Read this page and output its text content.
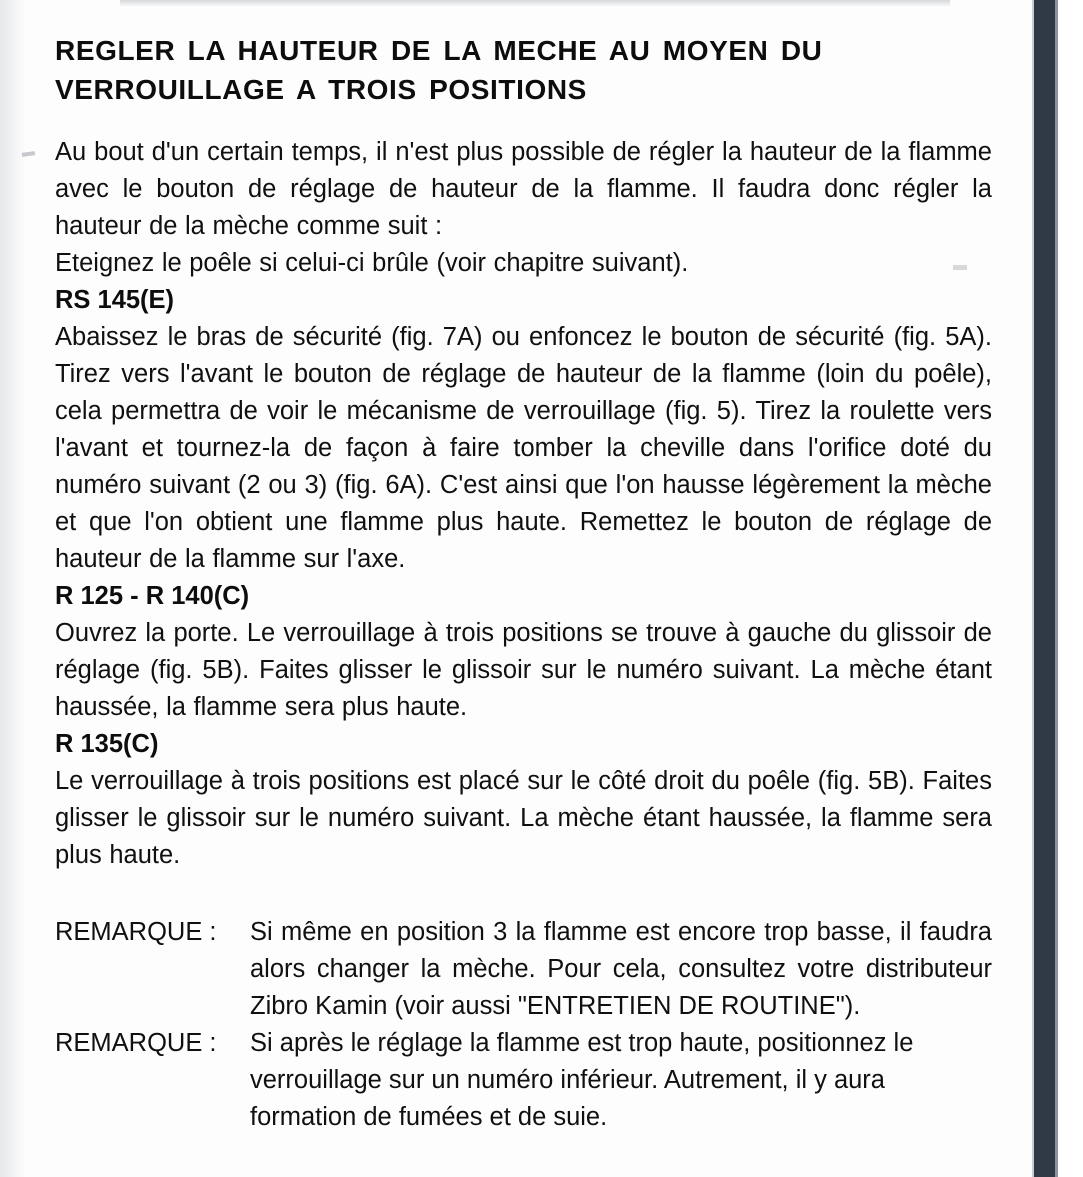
REGLER LA HAUTEUR DE LA MECHE AU MOYEN DU VERROUILLAGE A TROIS POSITIONS

Au bout d'un certain temps, il n'est plus possible de régler la hauteur de la flamme avec le bouton de réglage de hauteur de la flamme. Il faudra donc régler la hauteur de la mèche comme suit :

Eteignez le poêle si celui-ci brûle (voir chapitre suivant).

RS 145(E)

Abaissez le bras de sécurité (fig. 7A) ou enfoncez le bouton de sécurité (fig. 5A). Tirez vers l'avant le bouton de réglage de hauteur de la flamme (loin du poêle), cela permettra de voir le mécanisme de verrouillage (fig. 5). Tirez la roulette vers l'avant et tournez-la de façon à faire tomber la cheville dans l'orifice doté du numéro suivant (2 ou 3) (fig. 6A). C'est ainsi que l'on hausse légèrement la mèche et que l'on obtient une flamme plus haute. Remettez le bouton de réglage de hauteur de la flamme sur l'axe.

R 125 - R 140(C)

Ouvrez la porte. Le verrouillage à trois positions se trouve à gauche du glissoir de réglage (fig. 5B). Faites glisser le glissoir sur le numéro suivant. La mèche étant haussée, la flamme sera plus haute.

R 135(C)

Le verrouillage à trois positions est placé sur le côté droit du poêle (fig. 5B). Faites glisser le glissoir sur le numéro suivant. La mèche étant haussée, la flamme sera plus haute.

REMARQUE :	Si même en position 3 la flamme est encore trop basse, il faudra alors changer la mèche. Pour cela, consultez votre distributeur Zibro Kamin (voir aussi "ENTRETIEN DE ROUTINE").
REMARQUE :	Si après le réglage la flamme est trop haute, positionnez le verrouillage sur un numéro inférieur. Autrement, il y aura formation de fumées et de suie.
